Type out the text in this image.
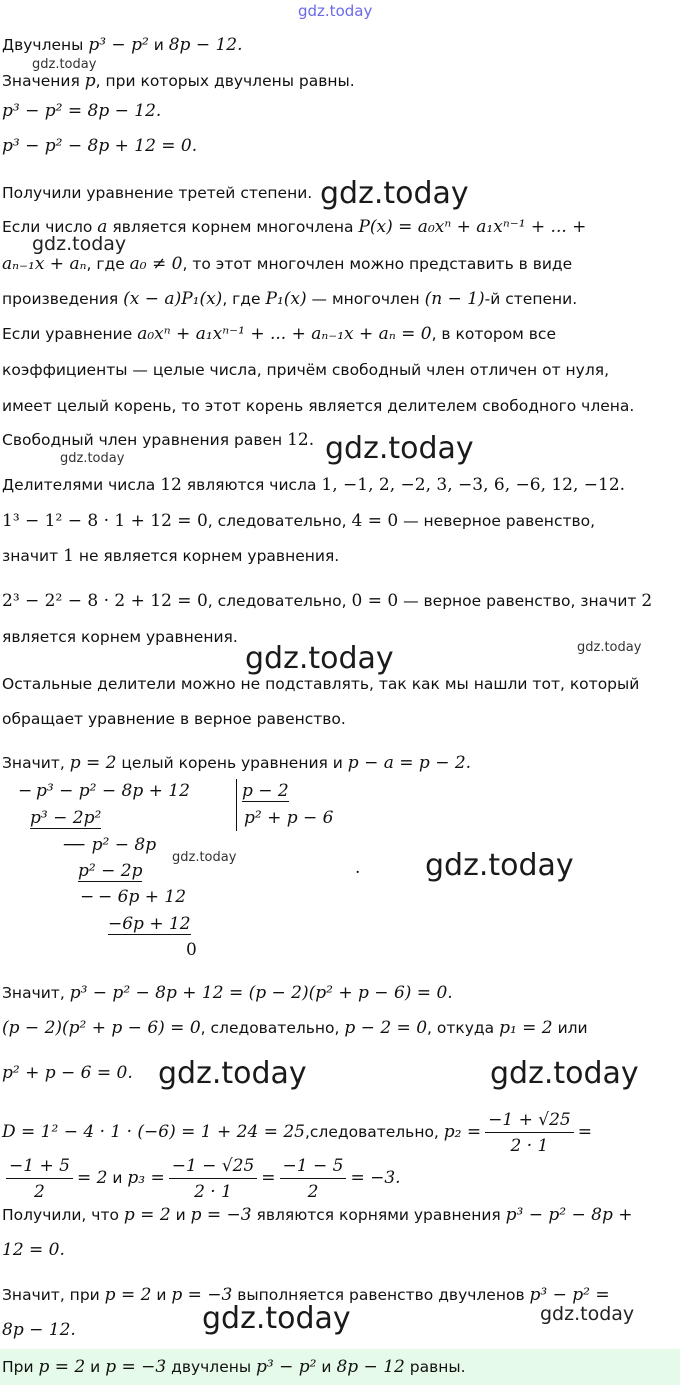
gdz.today
gdz.today
gdz.today
gdz.today
gdz.today
gdz.today
gdz.today	gdz.today
gdz.today	gdz.today
gdz.today	gdz.today
gdz.today	gdz.today
Двучлены p³ − p² и 8p − 12.
Значения p, при которых двучлены равны.
p³ − p² = 8p − 12.
p³ − p² − 8p + 12 = 0.
Получили уравнение третей степени.
Если число a является корнем многочлена P(x) = a₀xⁿ + a₁xⁿ⁻¹ + ... +
aₙ₋₁x + aₙ, где a₀ ≠ 0, то этот многочлен можно представить в виде
произведения (x − a)P₁(x), где P₁(x) — многочлен (n − 1)-й степени.
Если уравнение a₀xⁿ + a₁xⁿ⁻¹ + ... + aₙ₋₁x + aₙ = 0, в котором все
коэффициенты — целые числа, причём свободный член отличен от нуля,
имеет целый корень, то этот корень является делителем свободного члена.
Свободный член уравнения равен 12.
Делителями числа 12 являются числа 1, −1, 2, −2, 3, −3, 6, −6, 12, −12.
1³ − 1² − 8 · 1 + 12 = 0, следовательно, 4 = 0 — неверное равенство,
значит 1 не является корнем уравнения.
2³ − 2² − 8 · 2 + 12 = 0, следовательно, 0 = 0 — верное равенство, значит 2
является корнем уравнения.
Остальные делители можно не подставлять, так как мы нашли тот, который
обращает уравнение в верное равенство.
Значит, p = 2 целый корень уравнения и p − a = p − 2.
− p³ − p² − 8p + 12	p − 2
p² + p − 6
p³ − 2p²
−
− p² − 8p
p² − 2p
− − 6p + 12
−6p + 12
0
.
Значит, p³ − p² − 8p + 12 = (p − 2)(p² + p − 6) = 0.
(p − 2)(p² + p − 6) = 0, следовательно, p − 2 = 0, откуда p₁ = 2 или
p² + p − 6 = 0.
D = 1² − 4 · 1 · (−6) = 1 + 24 = 25,следовательно, $p_2 = \frac{-1 + √25}{2 \cdot 1}$ =
$\frac{-1 + 5}{2} = 2$ и $p_3 = \frac{-1 - √25}{2 \cdot 1} = \frac{-1 - 5}{2} = -3$.
Получили, что p = 2 и p = −3 являются корнями уравнения p³ − p² − 8p +
12 = 0.
Значит, при p = 2 и p = −3 выполняется равенство двучленов p³ − p² =
8p − 12.
При p = 2 и p = −3 двучлены p³ − p² и 8p − 12 равны.
